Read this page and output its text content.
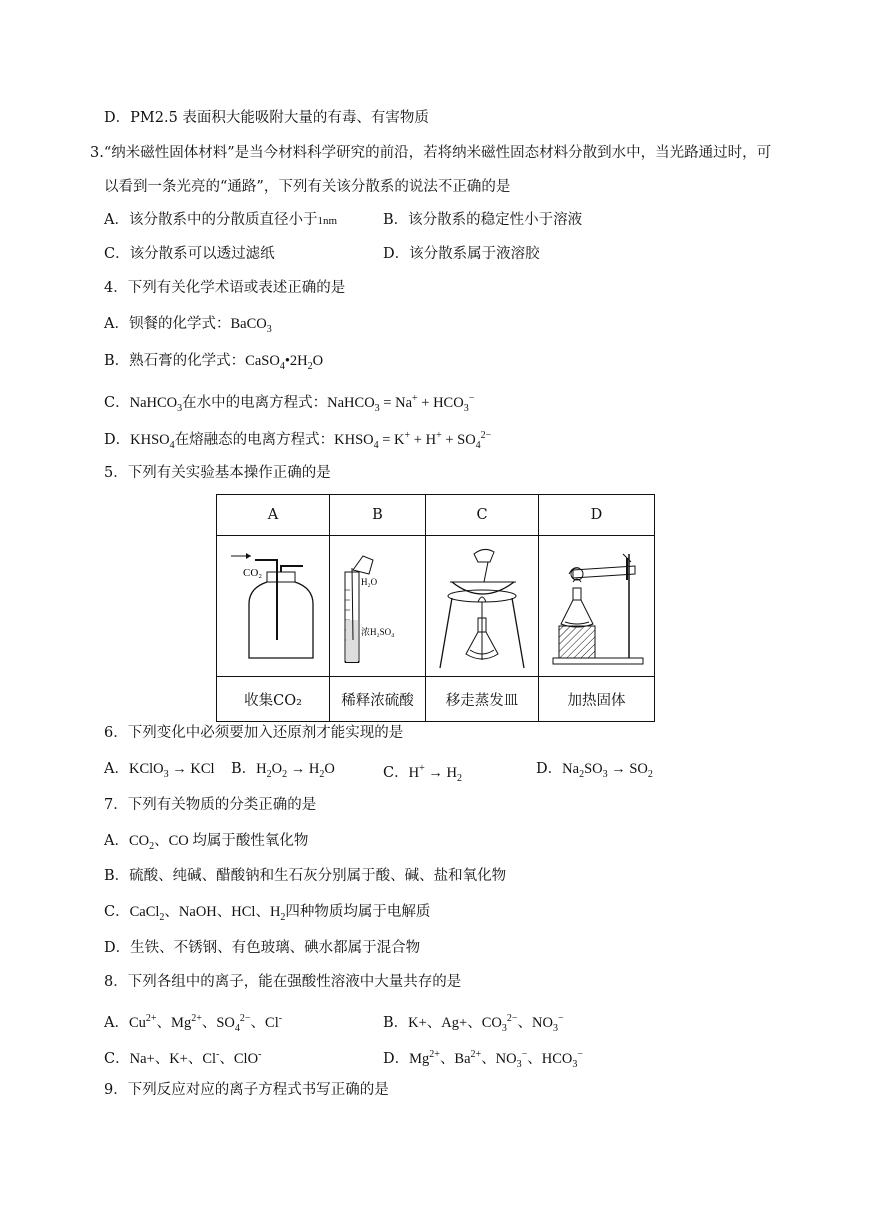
D．PM2.5 表面积大能吸附大量的有毒、有害物质
3.“纳米磁性固体材料”是当今材料科学研究的前沿，若将纳米磁性固态材料分散到水中，当光路通过时，可
以看到一条光亮的“通路”，下列有关该分散系的说法不正确的是
A．该分散系中的分散质直径小于1nm	B．该分散系的稳定性小于溶液
C．该分散系可以透过滤纸	D．该分散系属于液溶胶
4．下列有关化学术语或表述正确的是
A．钡餐的化学式：BaCO$_3$
B．熟石膏的化学式：$CaSO_4•2H_2O$
C．NaHCO$_3$在水中的电离方程式：NaHCO$_3$ = $Na^+ + HCO_3^-$
D．$KHSO_4$在熔融态的电离方程式：$KHSO_4 = K^+ + H^+ + SO_4^{2-}$
5．下列有关实验基本操作正确的是
A	B	C	D

CO₂	H₂O
浓H₂SO₄

收集CO₂	稀释浓硫酸	移走蒸发皿	加热固体
6．下列变化中必须要加入还原剂才能实现的是
A．KClO$_3$ → KCl B．$H_2O_2 \to H_2O$	C．$H^+ \to H_2$
D．$Na_2SO_3 \to SO_2$
7．下列有关物质的分类正确的是
A．$CO_2$、CO 均属于酸性氧化物
B．硫酸、纯碱、醋酸钠和生石灰分别属于酸、碱、盐和氧化物
C．CaCl$_2$、NaOH、HCl、$H_2$四种物质均属于电解质
D．生铁、不锈钢、有色玻璃、碘水都属于混合物
8．下列各组中的离子，能在强酸性溶液中大量共存的是
A．$Cu^{2+}$、$Mg^{2+}$、$SO_4^{2-}$、Cl-	B．K+、Ag+、$CO_3^{2-}$、$NO_3^-$
C．Na+、K+、Cl-、ClO-	D．$Mg^{2+}$、$Ba^{2+}$、$NO_3^-$、$HCO_3^-$
9．下列反应对应的离子方程式书写正确的是
